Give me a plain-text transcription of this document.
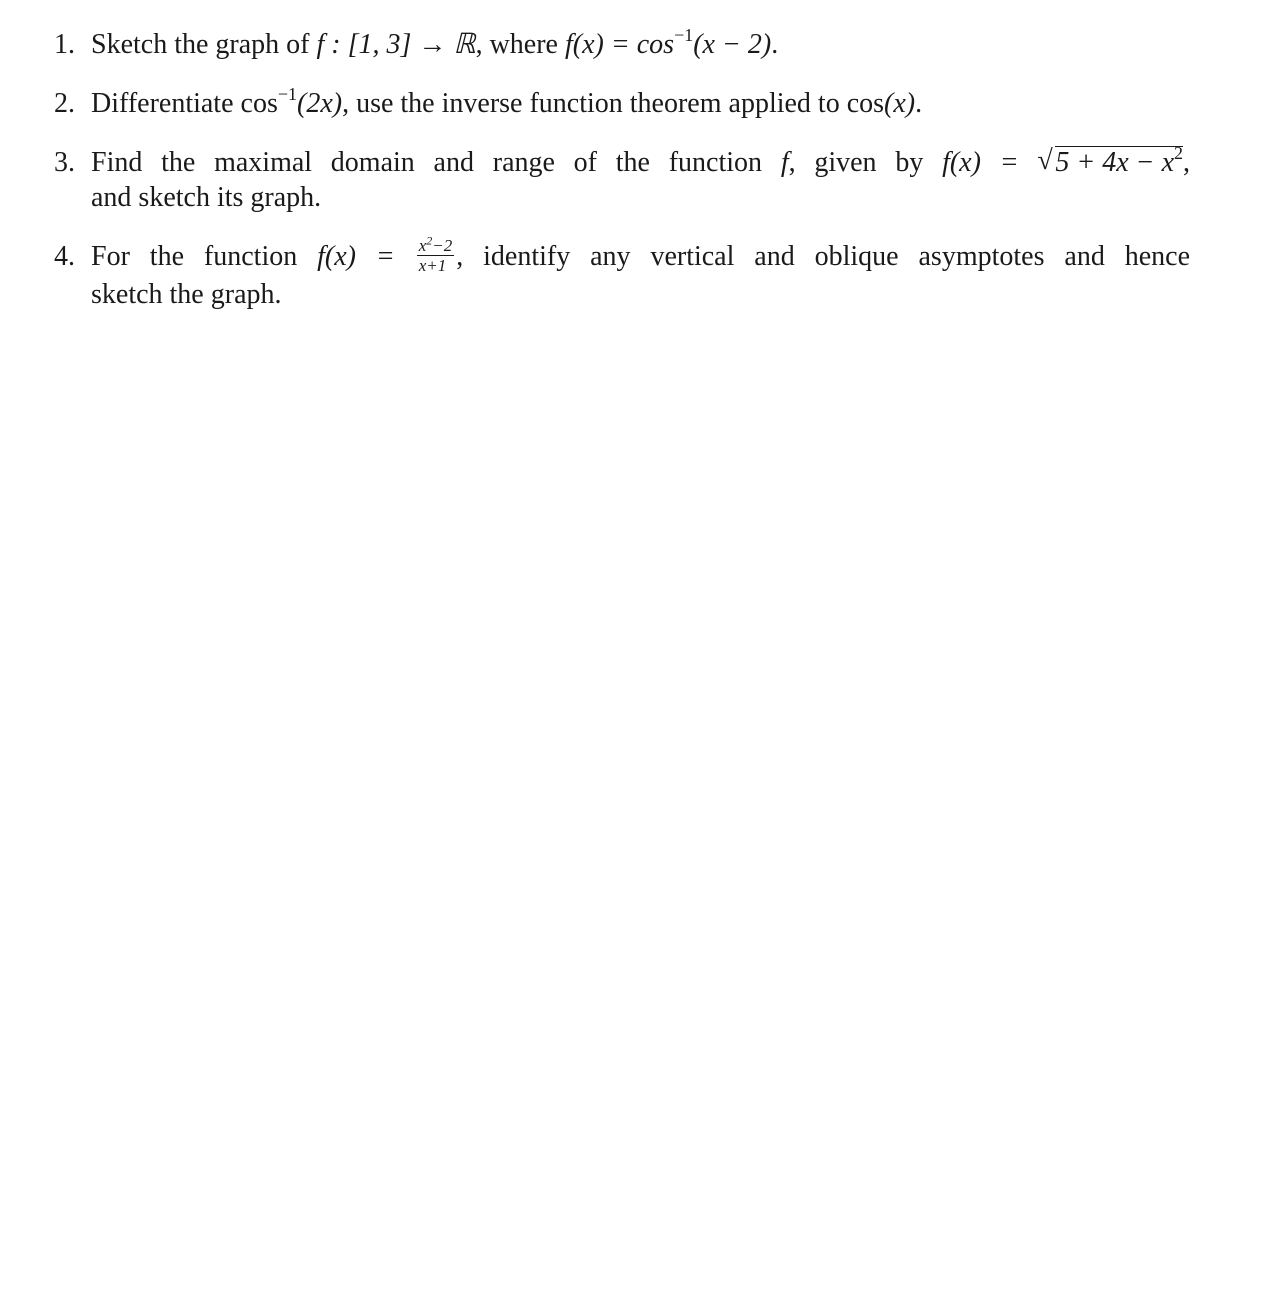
1. Sketch the graph of f : [1, 3] → ℝ, where $f(x) = \cos^{-1}(x - 2)$.
2. Differentiate $\cos^{-1}(2x)$, use the inverse function theorem applied to cos(x).
3. Find the maximal domain and range of the function f, given by f(x) = √ $5 + 4x - x^2$,
and sketch its graph.
4. For the function $f(x) = \frac{x^2-2}{x+1}$ , identify any vertical and oblique asymptotes and hence
sketch the graph.
